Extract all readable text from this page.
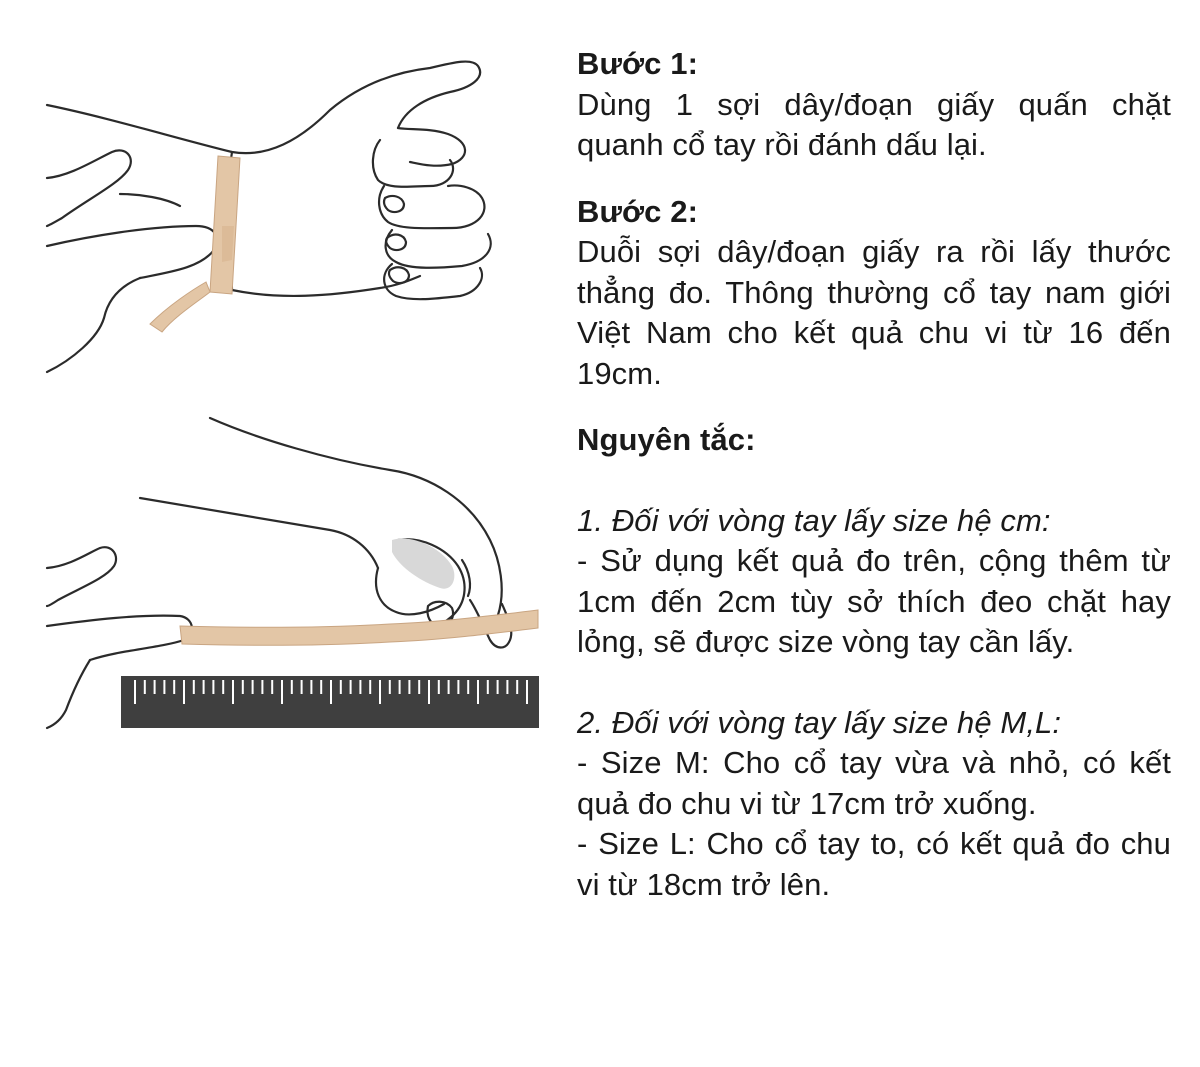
Bước 1:

Dùng 1 sợi dây/đoạn giấy quấn chặt quanh cổ tay rồi đánh dấu lại.

Bước 2:

Duỗi sợi dây/đoạn giấy ra rồi lấy thước thẳng đo. Thông thường cổ tay nam giới Việt Nam cho kết quả chu vi từ 16 đến 19cm.

Nguyên tắc:

1. Đối với vòng tay lấy size hệ cm:

- Sử dụng kết quả đo trên, cộng thêm từ 1cm đến 2cm tùy sở thích đeo chặt hay lỏng, sẽ được size vòng tay cần lấy.

2. Đối với vòng tay lấy size hệ M,L:

- Size M: Cho cổ tay vừa và nhỏ, có kết quả đo chu vi từ 17cm trở xuống.

- Size L: Cho cổ tay to, có kết quả đo chu vi từ 18cm trở lên.
